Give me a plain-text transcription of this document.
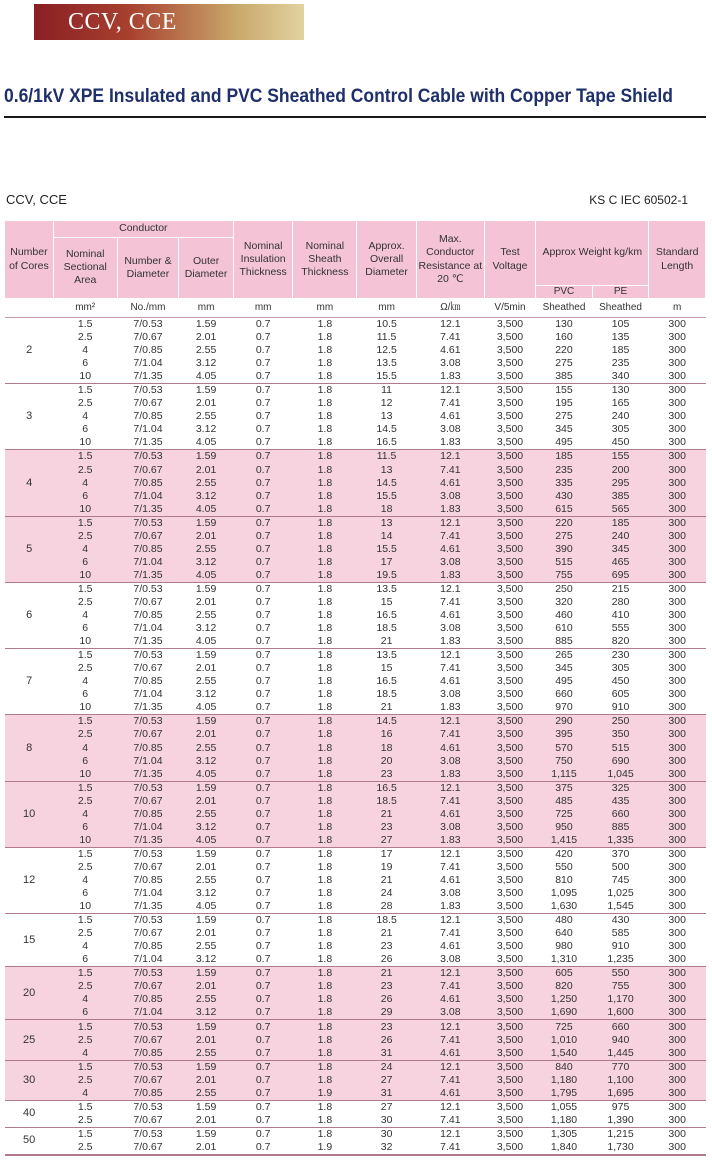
CCV, CCE
0.6/1kV XPE Insulated and PVC Sheathed Control Cable with Copper Tape Shield
CCV, CCE	KS C IEC 60502-1
Number of Cores	Conductor			Nominal Insulation Thickness	Nominal Sheath Thickness	Approx. Overall Diameter	Max. Conductor Resistance at 20 ℃	Test Voltage	Approx Weight kg/km		Standard Length
	Nominal Sectional Area	Number & Diameter	Outer Diameter								
									PVC	PE	
	mm²	No./mm	mm	mm	mm	mm	Ω/㎞	V/5min	Sheathed	Sheathed	m
2	1.5	7/0.53	1.59	0.7	1.8	10.5	12.1	3,500	130	105	300
	2.5	7/0.67	2.01	0.7	1.8	11.5	7.41	3,500	160	135	300
	4	7/0.85	2.55	0.7	1.8	12.5	4.61	3,500	220	185	300
	6	7/1.04	3.12	0.7	1.8	13.5	3.08	3,500	275	235	300
	10	7/1.35	4.05	0.7	1.8	15.5	1.83	3,500	385	340	300
3	1.5	7/0.53	1.59	0.7	1.8	11	12.1	3,500	155	130	300
	2.5	7/0.67	2.01	0.7	1.8	12	7.41	3,500	195	165	300
	4	7/0.85	2.55	0.7	1.8	13	4.61	3,500	275	240	300
	6	7/1.04	3.12	0.7	1.8	14.5	3.08	3,500	345	305	300
	10	7/1.35	4.05	0.7	1.8	16.5	1.83	3,500	495	450	300
4	1.5	7/0.53	1.59	0.7	1.8	11.5	12.1	3,500	185	155	300
	2.5	7/0.67	2.01	0.7	1.8	13	7.41	3,500	235	200	300
	4	7/0.85	2.55	0.7	1.8	14.5	4.61	3,500	335	295	300
	6	7/1.04	3.12	0.7	1.8	15.5	3.08	3,500	430	385	300
	10	7/1.35	4.05	0.7	1.8	18	1.83	3,500	615	565	300
5	1.5	7/0.53	1.59	0.7	1.8	13	12.1	3,500	220	185	300
	2.5	7/0.67	2.01	0.7	1.8	14	7.41	3,500	275	240	300
	4	7/0.85	2.55	0.7	1.8	15.5	4.61	3,500	390	345	300
	6	7/1.04	3.12	0.7	1.8	17	3.08	3,500	515	465	300
	10	7/1.35	4.05	0.7	1.8	19.5	1.83	3,500	755	695	300
6	1.5	7/0.53	1.59	0.7	1.8	13.5	12.1	3,500	250	215	300
	2.5	7/0.67	2.01	0.7	1.8	15	7.41	3,500	320	280	300
	4	7/0.85	2.55	0.7	1.8	16.5	4.61	3,500	460	410	300
	6	7/1.04	3.12	0.7	1.8	18.5	3.08	3,500	610	555	300
	10	7/1.35	4.05	0.7	1.8	21	1.83	3,500	885	820	300
7	1.5	7/0.53	1.59	0.7	1.8	13.5	12.1	3,500	265	230	300
	2.5	7/0.67	2.01	0.7	1.8	15	7.41	3,500	345	305	300
	4	7/0.85	2.55	0.7	1.8	16.5	4.61	3,500	495	450	300
	6	7/1.04	3.12	0.7	1.8	18.5	3.08	3,500	660	605	300
	10	7/1.35	4.05	0.7	1.8	21	1.83	3,500	970	910	300
8	1.5	7/0.53	1.59	0.7	1.8	14.5	12.1	3,500	290	250	300
	2.5	7/0.67	2.01	0.7	1.8	16	7.41	3,500	395	350	300
	4	7/0.85	2.55	0.7	1.8	18	4.61	3,500	570	515	300
	6	7/1.04	3.12	0.7	1.8	20	3.08	3,500	750	690	300
	10	7/1.35	4.05	0.7	1.8	23	1.83	3,500	1,115	1,045	300
10	1.5	7/0.53	1.59	0.7	1.8	16.5	12.1	3,500	375	325	300
	2.5	7/0.67	2.01	0.7	1.8	18.5	7.41	3,500	485	435	300
	4	7/0.85	2.55	0.7	1.8	21	4.61	3,500	725	660	300
	6	7/1.04	3.12	0.7	1.8	23	3.08	3,500	950	885	300
	10	7/1.35	4.05	0.7	1.8	27	1.83	3,500	1,415	1,335	300
12	1.5	7/0.53	1.59	0.7	1.8	17	12.1	3,500	420	370	300
	2.5	7/0.67	2.01	0.7	1.8	19	7.41	3,500	550	500	300
	4	7/0.85	2.55	0.7	1.8	21	4.61	3,500	810	745	300
	6	7/1.04	3.12	0.7	1.8	24	3.08	3,500	1,095	1,025	300
	10	7/1.35	4.05	0.7	1.8	28	1.83	3,500	1,630	1,545	300
15	1.5	7/0.53	1.59	0.7	1.8	18.5	12.1	3,500	480	430	300
	2.5	7/0.67	2.01	0.7	1.8	21	7.41	3,500	640	585	300
	4	7/0.85	2.55	0.7	1.8	23	4.61	3,500	980	910	300
	6	7/1.04	3.12	0.7	1.8	26	3.08	3,500	1,310	1,235	300
20	1.5	7/0.53	1.59	0.7	1.8	21	12.1	3,500	605	550	300
	2.5	7/0.67	2.01	0.7	1.8	23	7.41	3,500	820	755	300
	4	7/0.85	2.55	0.7	1.8	26	4.61	3,500	1,250	1,170	300
	6	7/1.04	3.12	0.7	1.8	29	3.08	3,500	1,690	1,600	300
25	1.5	7/0.53	1.59	0.7	1.8	23	12.1	3,500	725	660	300
	2.5	7/0.67	2.01	0.7	1.8	26	7.41	3,500	1,010	940	300
	4	7/0.85	2.55	0.7	1.8	31	4.61	3,500	1,540	1,445	300
30	1.5	7/0.53	1.59	0.7	1.8	24	12.1	3,500	840	770	300
	2.5	7/0.67	2.01	0.7	1.8	27	7.41	3,500	1,180	1,100	300
	4	7/0.85	2.55	0.7	1.9	31	4.61	3,500	1,795	1,695	300
40	1.5	7/0.53	1.59	0.7	1.8	27	12.1	3,500	1,055	975	300
	2.5	7/0.67	2.01	0.7	1.8	30	7.41	3,500	1,180	1,390	300
50	1.5	7/0.53	1.59	0.7	1.8	30	12.1	3,500	1,305	1,215	300
	2.5	7/0.67	2.01	0.7	1.9	32	7.41	3,500	1,840	1,730	300
